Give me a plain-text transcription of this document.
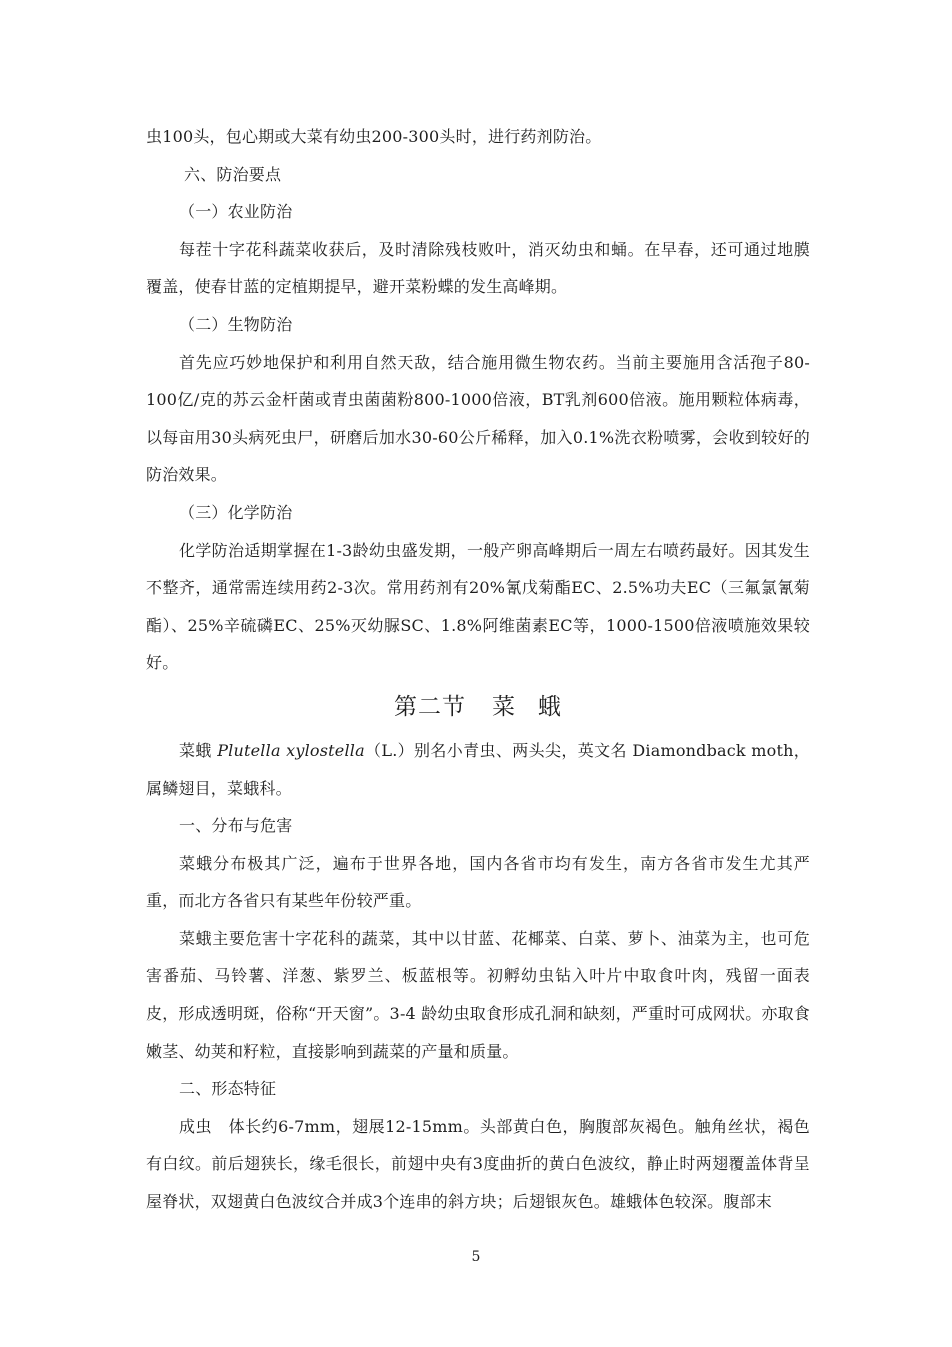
虫100头，包心期或大菜有幼虫200-300头时，进行药剂防治。

六、防治要点

（一）农业防治

每茬十字花科蔬菜收获后，及时清除残枝败叶，消灭幼虫和蛹。在早春，还可通过地膜覆盖，使春甘蓝的定植期提早，避开菜粉蝶的发生高峰期。

（二）生物防治

首先应巧妙地保护和利用自然天敌，结合施用微生物农药。当前主要施用含活孢子80-100亿/克的苏云金杆菌或青虫菌菌粉800-1000倍液，BT乳剂600倍液。施用颗粒体病毒，以每亩用30头病死虫尸，研磨后加水30-60公斤稀释，加入0.1%洗衣粉喷雾，会收到较好的防治效果。

（三）化学防治

化学防治适期掌握在1-3龄幼虫盛发期，一般产卵高峰期后一周左右喷药最好。因其发生不整齐，通常需连续用药2-3次。常用药剂有20%氰戊菊酯EC、2.5%功夫EC（三氟氯氰菊酯）、25%辛硫磷EC、25%灭幼脲SC、1.8%阿维菌素EC等，1000-1500倍液喷施效果较好。

第二节 菜 蛾

菜蛾 Plutella xylostella（L.）别名小青虫、两头尖，英文名 Diamondback moth，属鳞翅目，菜蛾科。

一、分布与危害

菜蛾分布极其广泛，遍布于世界各地，国内各省市均有发生，南方各省市发生尤其严重，而北方各省只有某些年份较严重。

菜蛾主要危害十字花科的蔬菜，其中以甘蓝、花椰菜、白菜、萝卜、油菜为主，也可危害番茄、马铃薯、洋葱、紫罗兰、板蓝根等。初孵幼虫钻入叶片中取食叶肉，残留一面表皮，形成透明斑，俗称“开天窗”。3-4 龄幼虫取食形成孔洞和缺刻，严重时可成网状。亦取食嫩茎、幼荚和籽粒，直接影响到蔬菜的产量和质量。

二、形态特征

成虫　体长约6-7mm，翅展12-15mm。头部黄白色，胸腹部灰褐色。触角丝状，褐色有白纹。前后翅狭长，缘毛很长，前翅中央有3度曲折的黄白色波纹，静止时两翅覆盖体背呈屋脊状，双翅黄白色波纹合并成3个连串的斜方块；后翅银灰色。雄蛾体色较深。腹部末

5
